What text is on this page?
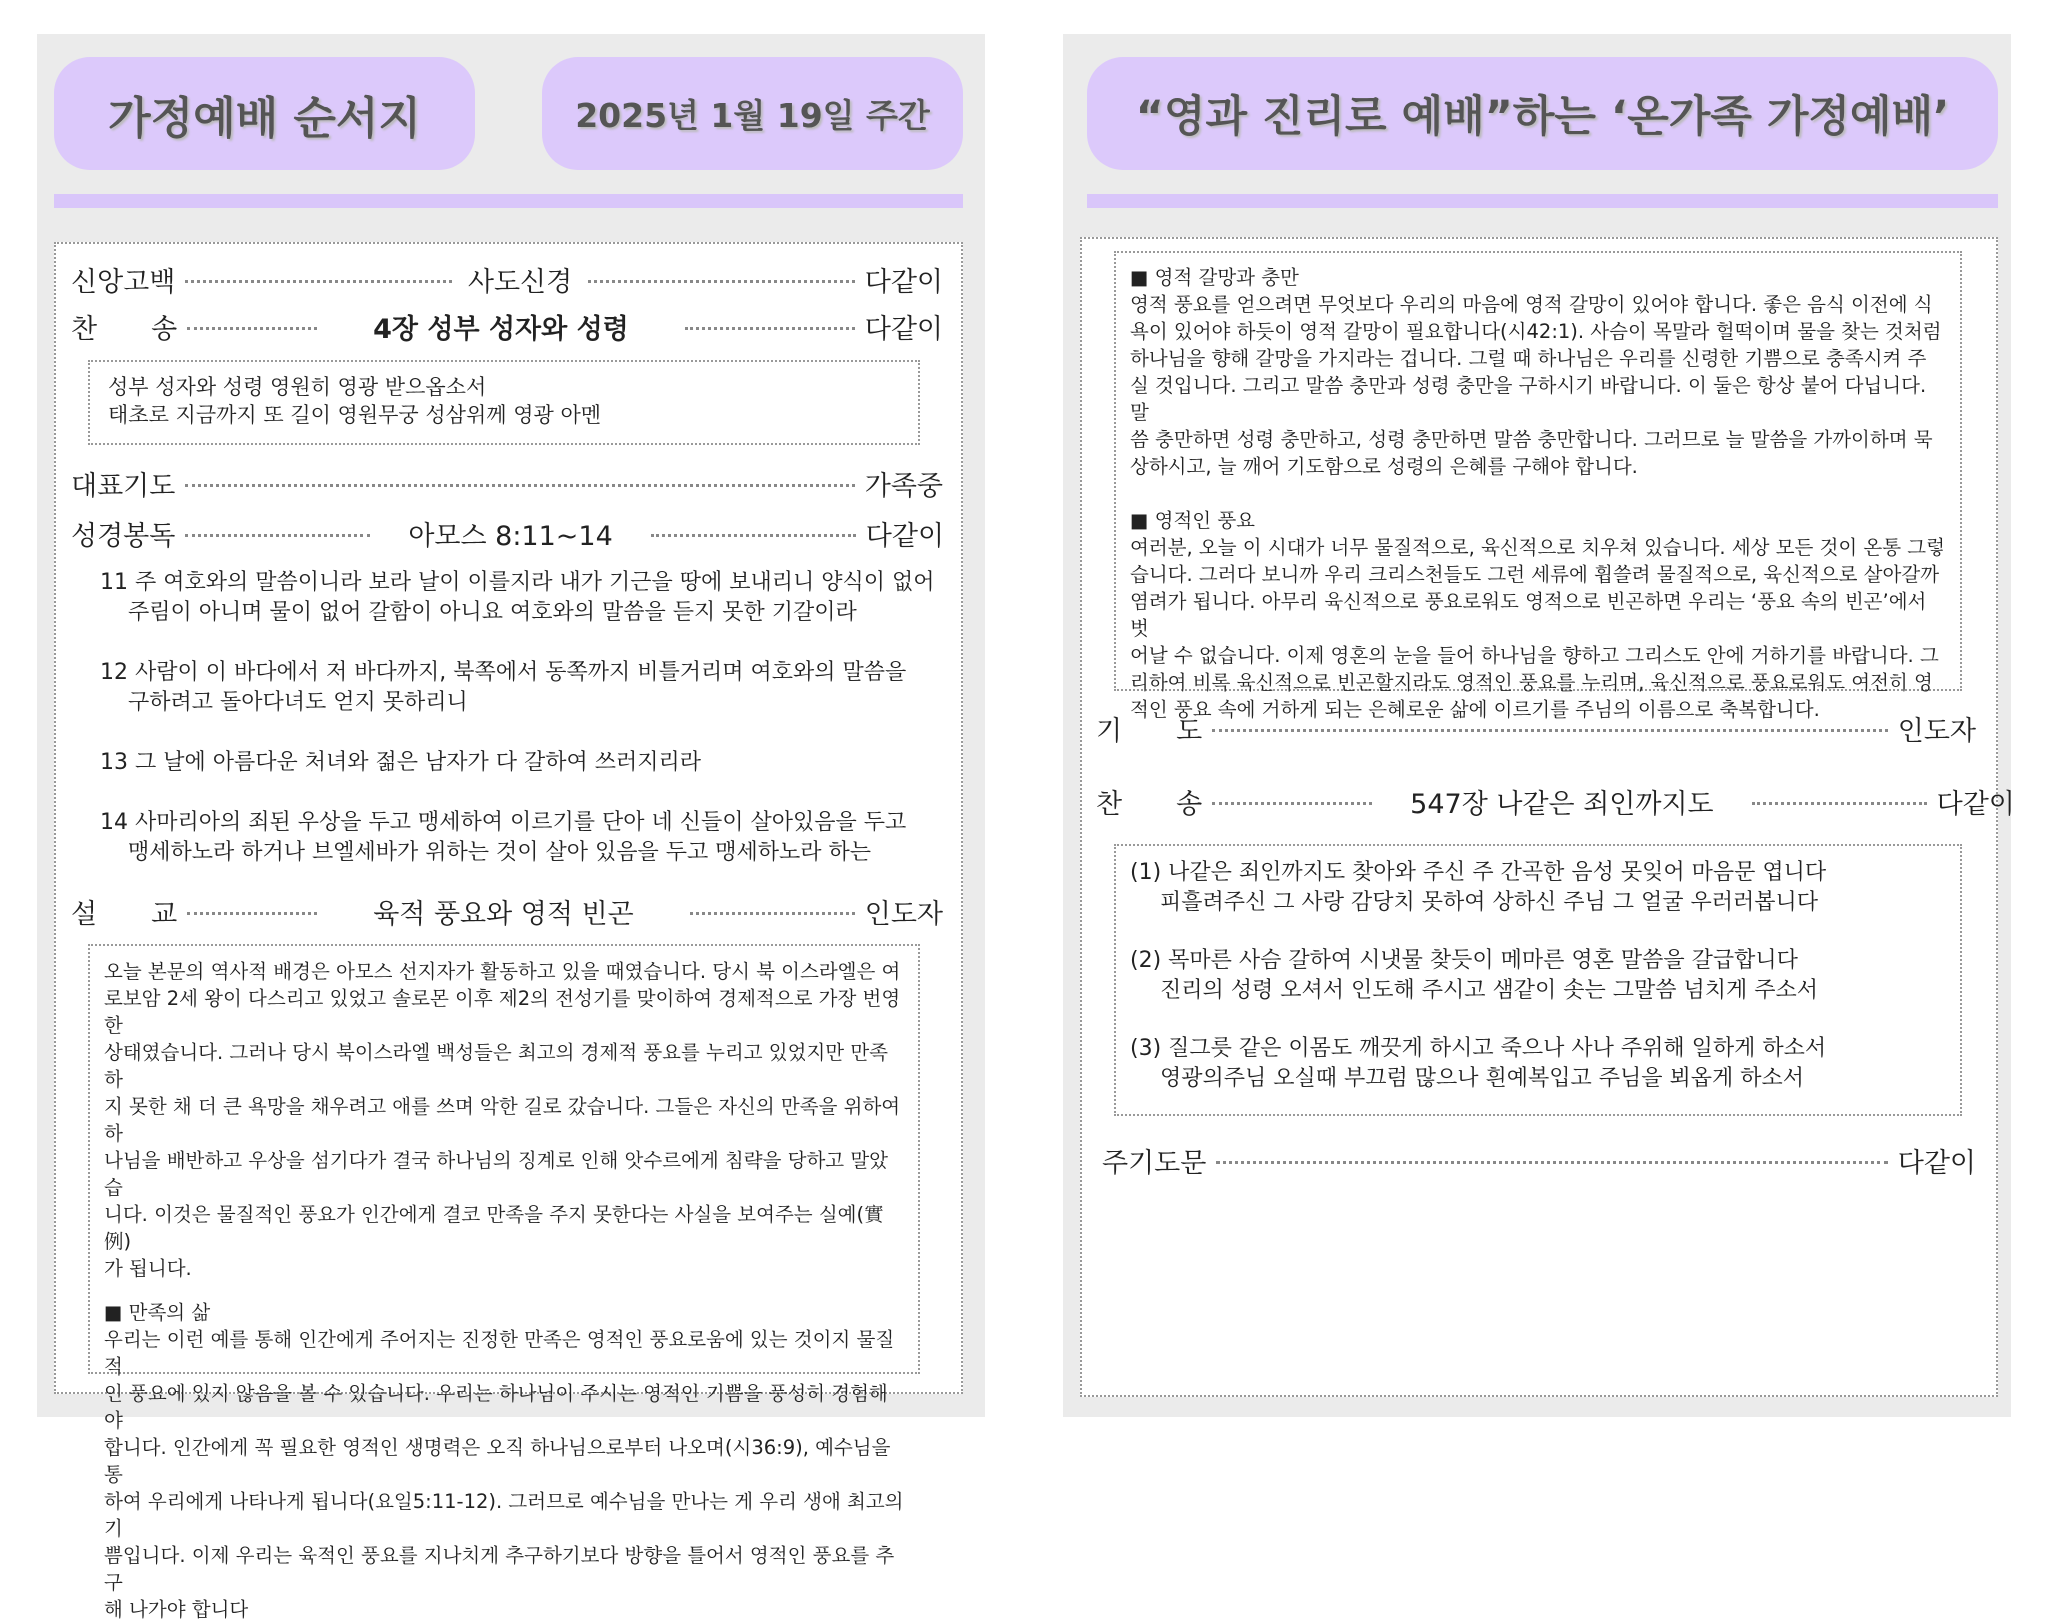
가정예배 순서지	2025년 1월 19일 주간
신앙고백	사도신경	다같이
찬　　송	4장 성부 성자와 성령	다같이

성부 성자와 성령 영원히 영광 받으옵소서

태초로 지금까지 또 길이 영원무궁 성삼위께 영광 아멘

대표기도	가족중
성경봉독	아모스 8:11~14	다같이

11 주 여호와의 말씀이니라 보라 날이 이를지라 내가 기근을 땅에 보내리니 양식이 없어

주림이 아니며 물이 없어 갈함이 아니요 여호와의 말씀을 듣지 못한 기갈이라

12 사람이 이 바다에서 저 바다까지, 북쪽에서 동쪽까지 비틀거리며 여호와의 말씀을

구하려고 돌아다녀도 얻지 못하리니

13 그 날에 아름다운 처녀와 젊은 남자가 다 갈하여 쓰러지리라

14 사마리아의 죄된 우상을 두고 맹세하여 이르기를 단아 네 신들이 살아있음을 두고

맹세하노라 하거나 브엘세바가 위하는 것이 살아 있음을 두고 맹세하노라 하는

설　　교	육적 풍요와 영적 빈곤	인도자

오늘 본문의 역사적 배경은 아모스 선지자가 활동하고 있을 때였습니다. 당시 북 이스라엘은 여

로보암 2세 왕이 다스리고 있었고 솔로몬 이후 제2의 전성기를 맞이하여 경제적으로 가장 번영한

상태였습니다. 그러나 당시 북이스라엘 백성들은 최고의 경제적 풍요를 누리고 있었지만 만족하

지 못한 채 더 큰 욕망을 채우려고 애를 쓰며 악한 길로 갔습니다. 그들은 자신의 만족을 위하여 하

나님을 배반하고 우상을 섬기다가 결국 하나님의 징계로 인해 앗수르에게 침략을 당하고 말았습

니다. 이것은 물질적인 풍요가 인간에게 결코 만족을 주지 못한다는 사실을 보여주는 실예(實例)

가 됩니다.

■ 만족의 삶

우리는 이런 예를 통해 인간에게 주어지는 진정한 만족은 영적인 풍요로움에 있는 것이지 물질적

인 풍요에 있지 않음을 볼 수 있습니다. 우리는 하나님이 주시는 영적인 기쁨을 풍성히 경험해야

합니다. 인간에게 꼭 필요한 영적인 생명력은 오직 하나님으로부터 나오며(시36:9), 예수님을 통

하여 우리에게 나타나게 됩니다(요일5:11-12). 그러므로 예수님을 만나는 게 우리 생애 최고의 기

쁨입니다. 이제 우리는 육적인 풍요를 지나치게 추구하기보다 방향을 틀어서 영적인 풍요를 추구

해 나가야 합니다

“영과 진리로 예배”하는 ‘온가족 가정예배’

■ 영적 갈망과 충만

영적 풍요를 얻으려면 무엇보다 우리의 마음에 영적 갈망이 있어야 합니다. 좋은 음식 이전에 식

욕이 있어야 하듯이 영적 갈망이 필요합니다(시42:1). 사슴이 목말라 헐떡이며 물을 찾는 것처럼

하나님을 향해 갈망을 가지라는 겁니다. 그럴 때 하나님은 우리를 신령한 기쁨으로 충족시켜 주

실 것입니다. 그리고 말씀 충만과 성령 충만을 구하시기 바랍니다. 이 둘은 항상 붙어 다닙니다. 말

씀 충만하면 성령 충만하고, 성령 충만하면 말씀 충만합니다. 그러므로 늘 말씀을 가까이하며 묵

상하시고, 늘 깨어 기도함으로 성령의 은혜를 구해야 합니다.

■ 영적인 풍요

여러분, 오늘 이 시대가 너무 물질적으로, 육신적으로 치우쳐 있습니다. 세상 모든 것이 온통 그렇

습니다. 그러다 보니까 우리 크리스천들도 그런 세류에 휩쓸려 물질적으로, 육신적으로 살아갈까

염려가 됩니다. 아무리 육신적으로 풍요로워도 영적으로 빈곤하면 우리는 ‘풍요 속의 빈곤’에서 벗

어날 수 없습니다. 이제 영혼의 눈을 들어 하나님을 향하고 그리스도 안에 거하기를 바랍니다. 그

리하여 비록 육신적으로 빈곤할지라도 영적인 풍요를 누리며, 육신적으로 풍요로워도 여전히 영

적인 풍요 속에 거하게 되는 은혜로운 삶에 이르기를 주님의 이름으로 축복합니다.

기　　도	인도자
찬　　송	547장 나같은 죄인까지도	다같이

(1) 나같은 죄인까지도 찾아와 주신 주 간곡한 음성 못잊어 마음문 엽니다

피흘려주신 그 사랑 감당치 못하여 상하신 주님 그 얼굴 우러러봅니다

(2) 목마른 사슴 갈하여 시냇물 찾듯이 메마른 영혼 말씀을 갈급합니다

진리의 성령 오셔서 인도해 주시고 샘같이 솟는 그말씀 넘치게 주소서

(3) 질그릇 같은 이몸도 깨끗게 하시고 죽으나 사나 주위해 일하게 하소서

영광의주님 오실때 부끄럼 많으나 흰예복입고 주님을 뵈옵게 하소서

주기도문	다같이
